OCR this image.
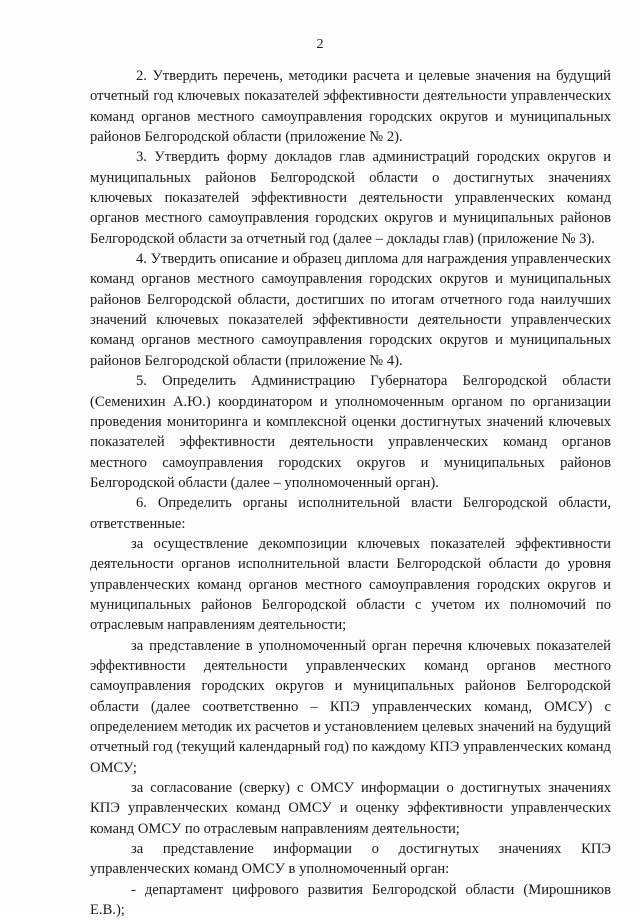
2

2. Утвердить перечень, методики расчета и целевые значения на будущий отчетный год ключевых показателей эффективности деятельности управленческих команд органов местного самоуправления городских округов и муниципальных районов Белгородской области (приложение № 2).

3. Утвердить форму докладов глав администраций городских округов и муниципальных районов Белгородской области о достигнутых значениях ключевых показателей эффективности деятельности управленческих команд органов местного самоуправления городских округов и муниципальных районов Белгородской области за отчетный год (далее – доклады глав) (приложение № 3).

4. Утвердить описание и образец диплома для награждения управленческих команд органов местного самоуправления городских округов и муниципальных районов Белгородской области, достигших по итогам отчетного года наилучших значений ключевых показателей эффективности деятельности управленческих команд органов местного самоуправления городских округов и муниципальных районов Белгородской области (приложение № 4).

5. Определить Администрацию Губернатора Белгородской области (Семенихин А.Ю.) координатором и уполномоченным органом по организации проведения мониторинга и комплексной оценки достигнутых значений ключевых показателей эффективности деятельности управленческих команд органов местного самоуправления городских округов и муниципальных районов Белгородской области (далее – уполномоченный орган).

6. Определить органы исполнительной власти Белгородской области, ответственные:

за осуществление декомпозиции ключевых показателей эффективности деятельности органов исполнительной власти Белгородской области до уровня управленческих команд органов местного самоуправления городских округов и муниципальных районов Белгородской области с учетом их полномочий по отраслевым направлениям деятельности;

за представление в уполномоченный орган перечня ключевых показателей эффективности деятельности управленческих команд органов местного самоуправления городских округов и муниципальных районов Белгородской области (далее соответственно – КПЭ управленческих команд, ОМСУ) с определением методик их расчетов и установлением целевых значений на будущий отчетный год (текущий календарный год) по каждому КПЭ управленческих команд ОМСУ;

за согласование (сверку) с ОМСУ информации о достигнутых значениях КПЭ управленческих команд ОМСУ и оценку эффективности управленческих команд ОМСУ по отраслевым направлениям деятельности;

за представление информации о достигнутых значениях КПЭ управленческих команд ОМСУ в уполномоченный орган:

- департамент цифрового развития Белгородской области (Мирошников Е.В.);
